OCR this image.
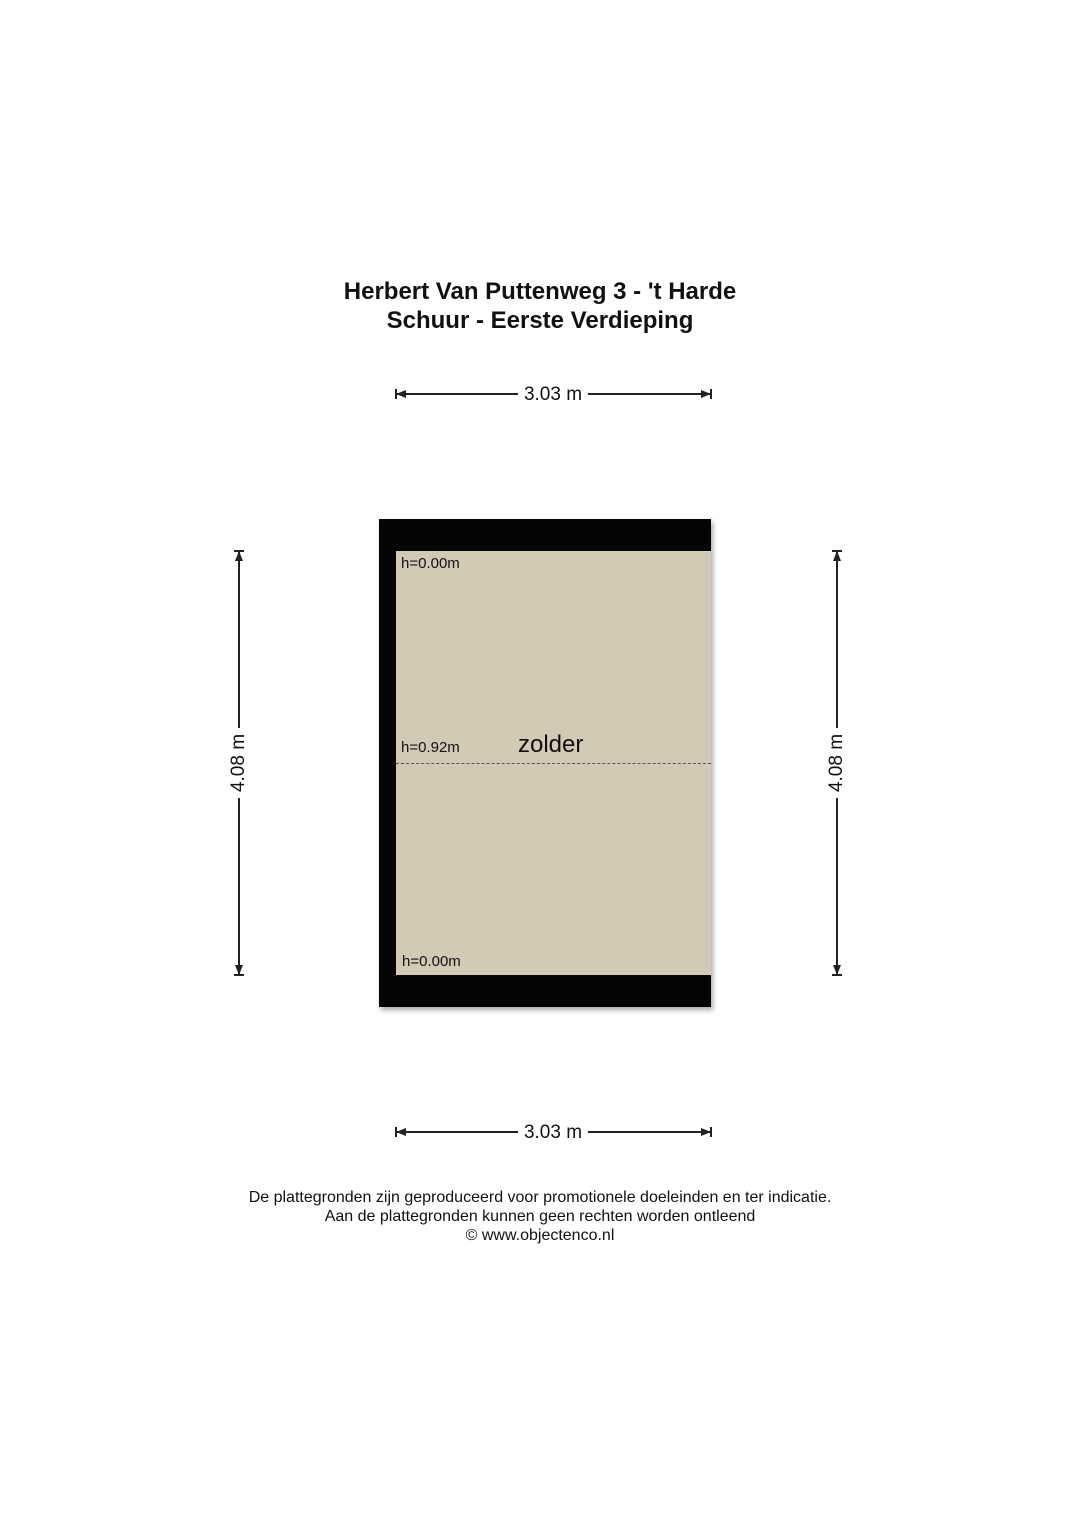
Herbert Van Puttenweg 3 - 't Harde
Schuur - Eerste Verdieping
3.03 m
4.08 m	4.08 m
h=0.00m
h=0.92m zolder
h=0.00m
3.03 m
De plattegronden zijn geproduceerd voor promotionele doeleinden en ter indicatie.
Aan de plattegronden kunnen geen rechten worden ontleend
© www.objectenco.nl
